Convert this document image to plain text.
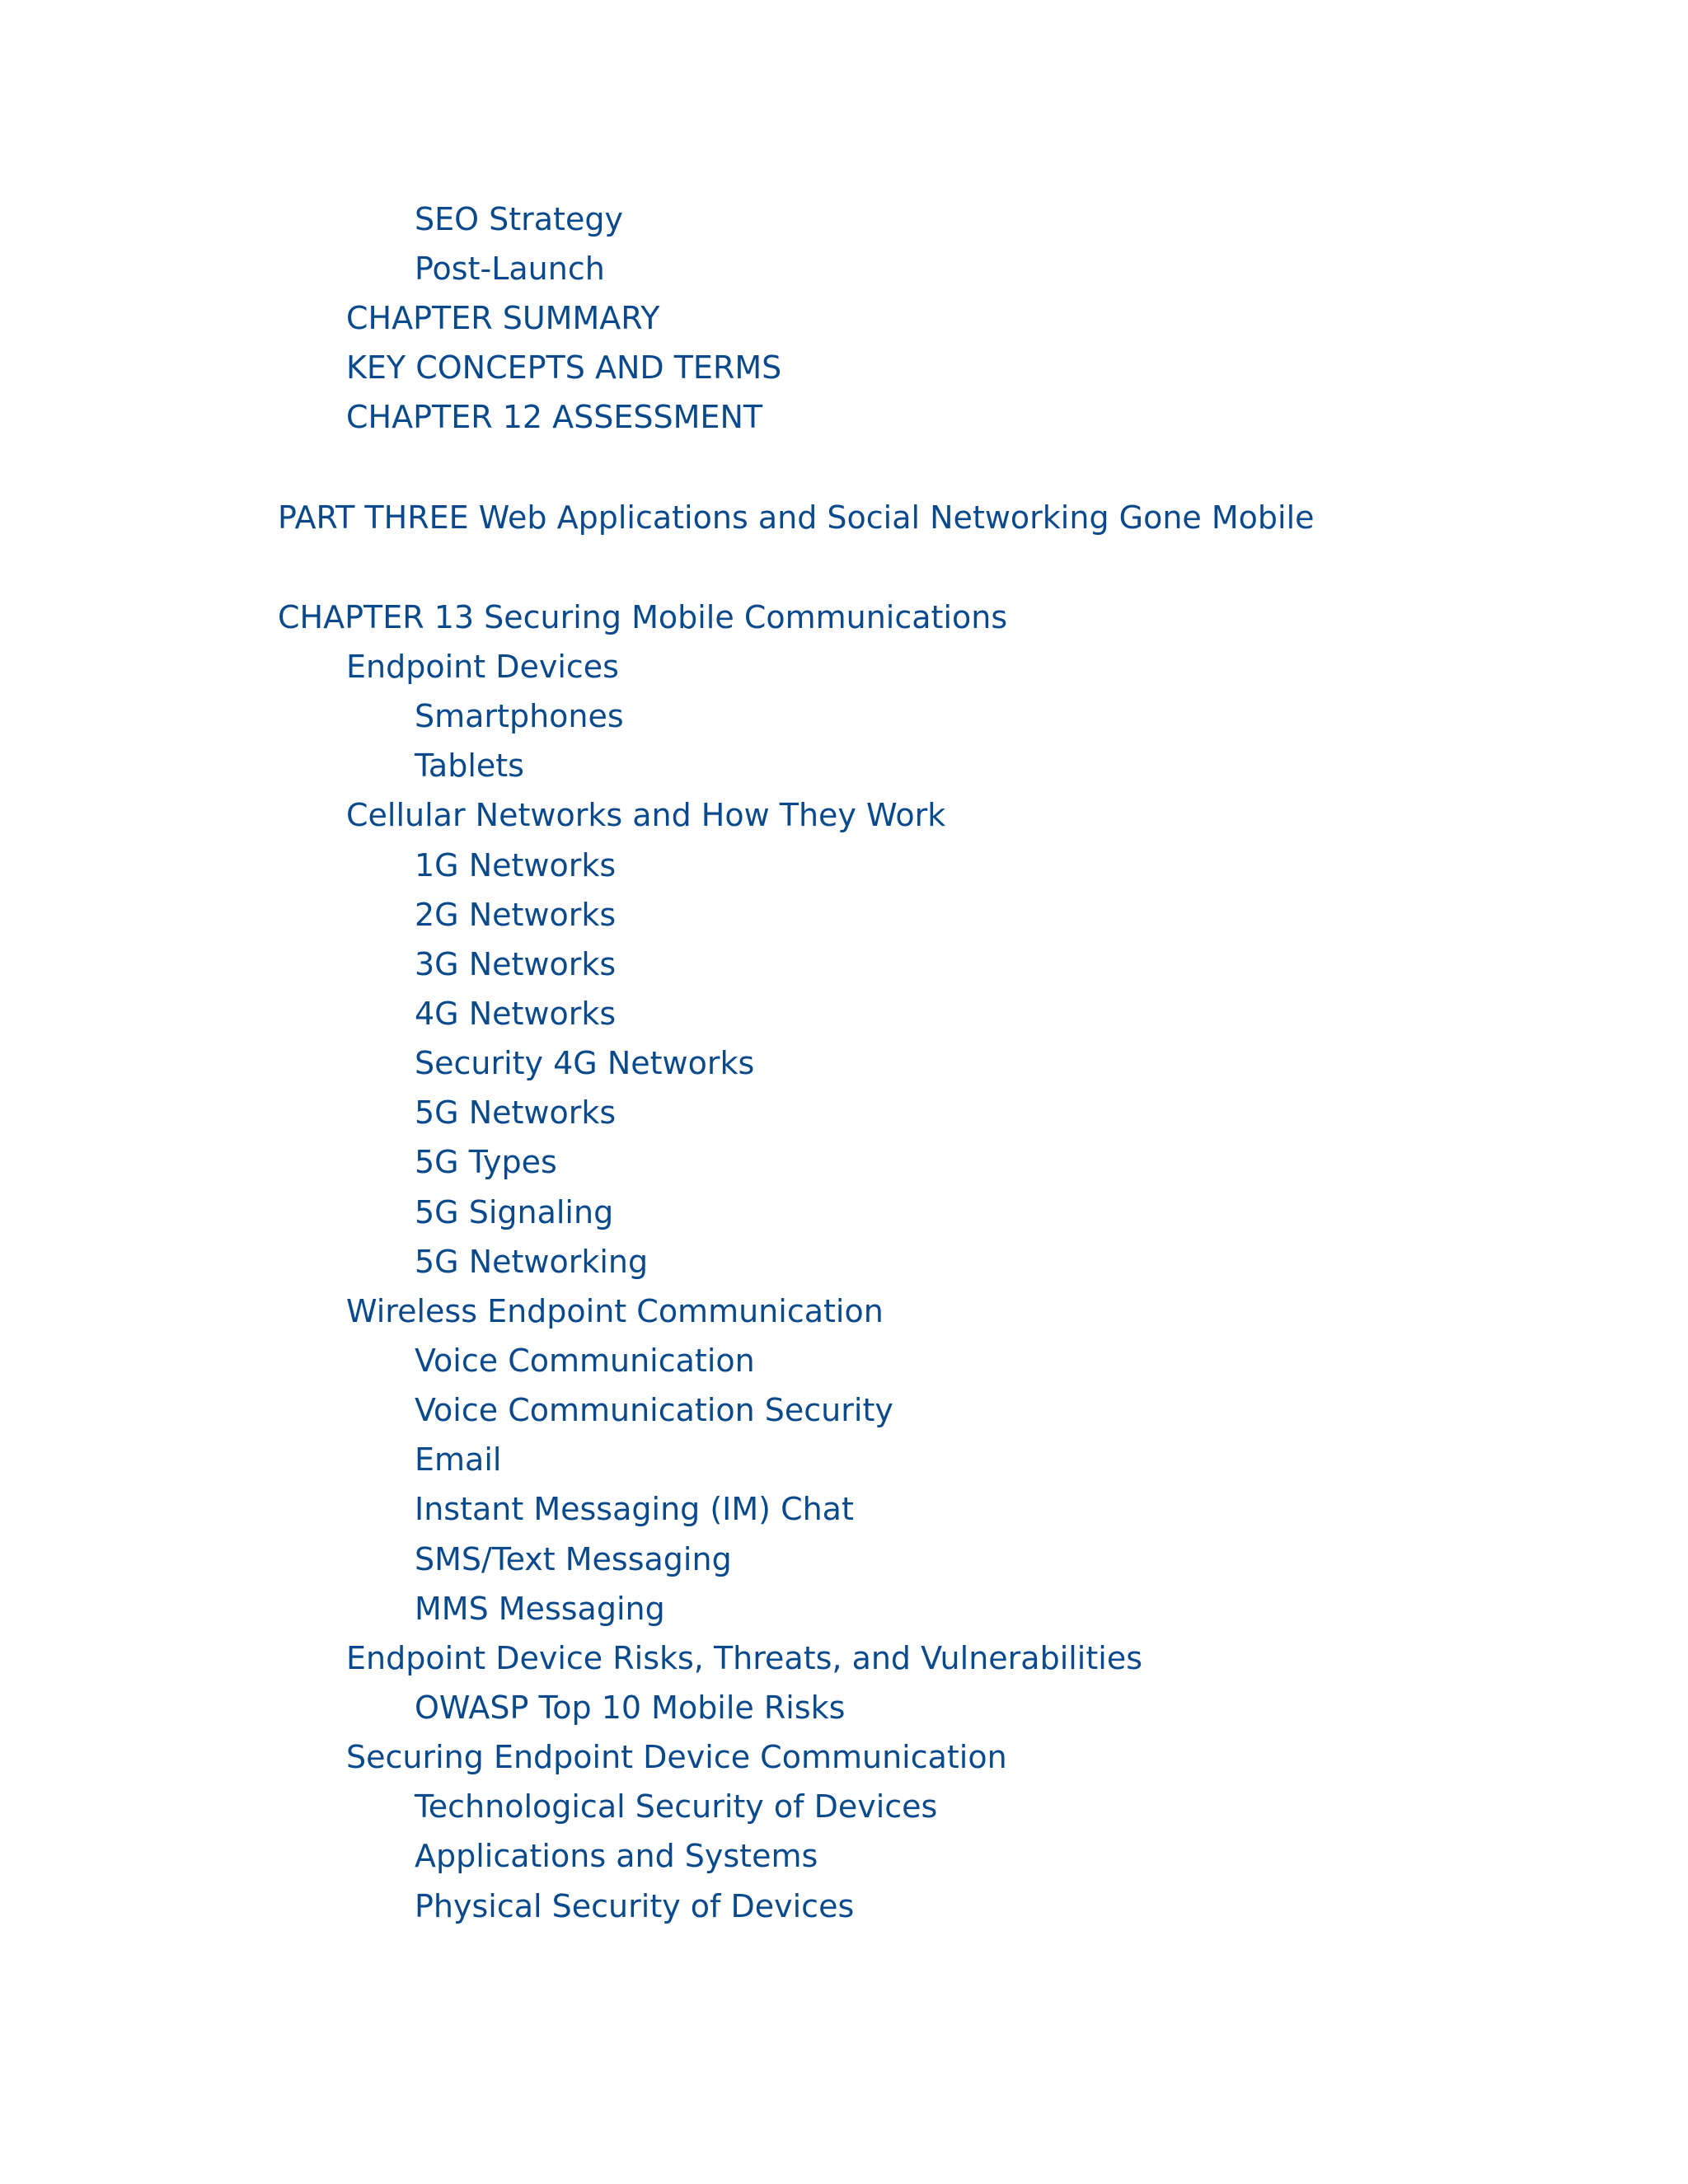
SEO Strategy
Post-Launch
CHAPTER SUMMARY
KEY CONCEPTS AND TERMS
CHAPTER 12 ASSESSMENT
PART THREE Web Applications and Social Networking Gone Mobile
CHAPTER 13 Securing Mobile Communications
Endpoint Devices
Smartphones
Tablets
Cellular Networks and How They Work
1G Networks
2G Networks
3G Networks
4G Networks
Security 4G Networks
5G Networks
5G Types
5G Signaling
5G Networking
Wireless Endpoint Communication
Voice Communication
Voice Communication Security
Email
Instant Messaging (IM) Chat
SMS/Text Messaging
MMS Messaging
Endpoint Device Risks, Threats, and Vulnerabilities
OWASP Top 10 Mobile Risks
Securing Endpoint Device Communication
Technological Security of Devices
Applications and Systems
Physical Security of Devices
